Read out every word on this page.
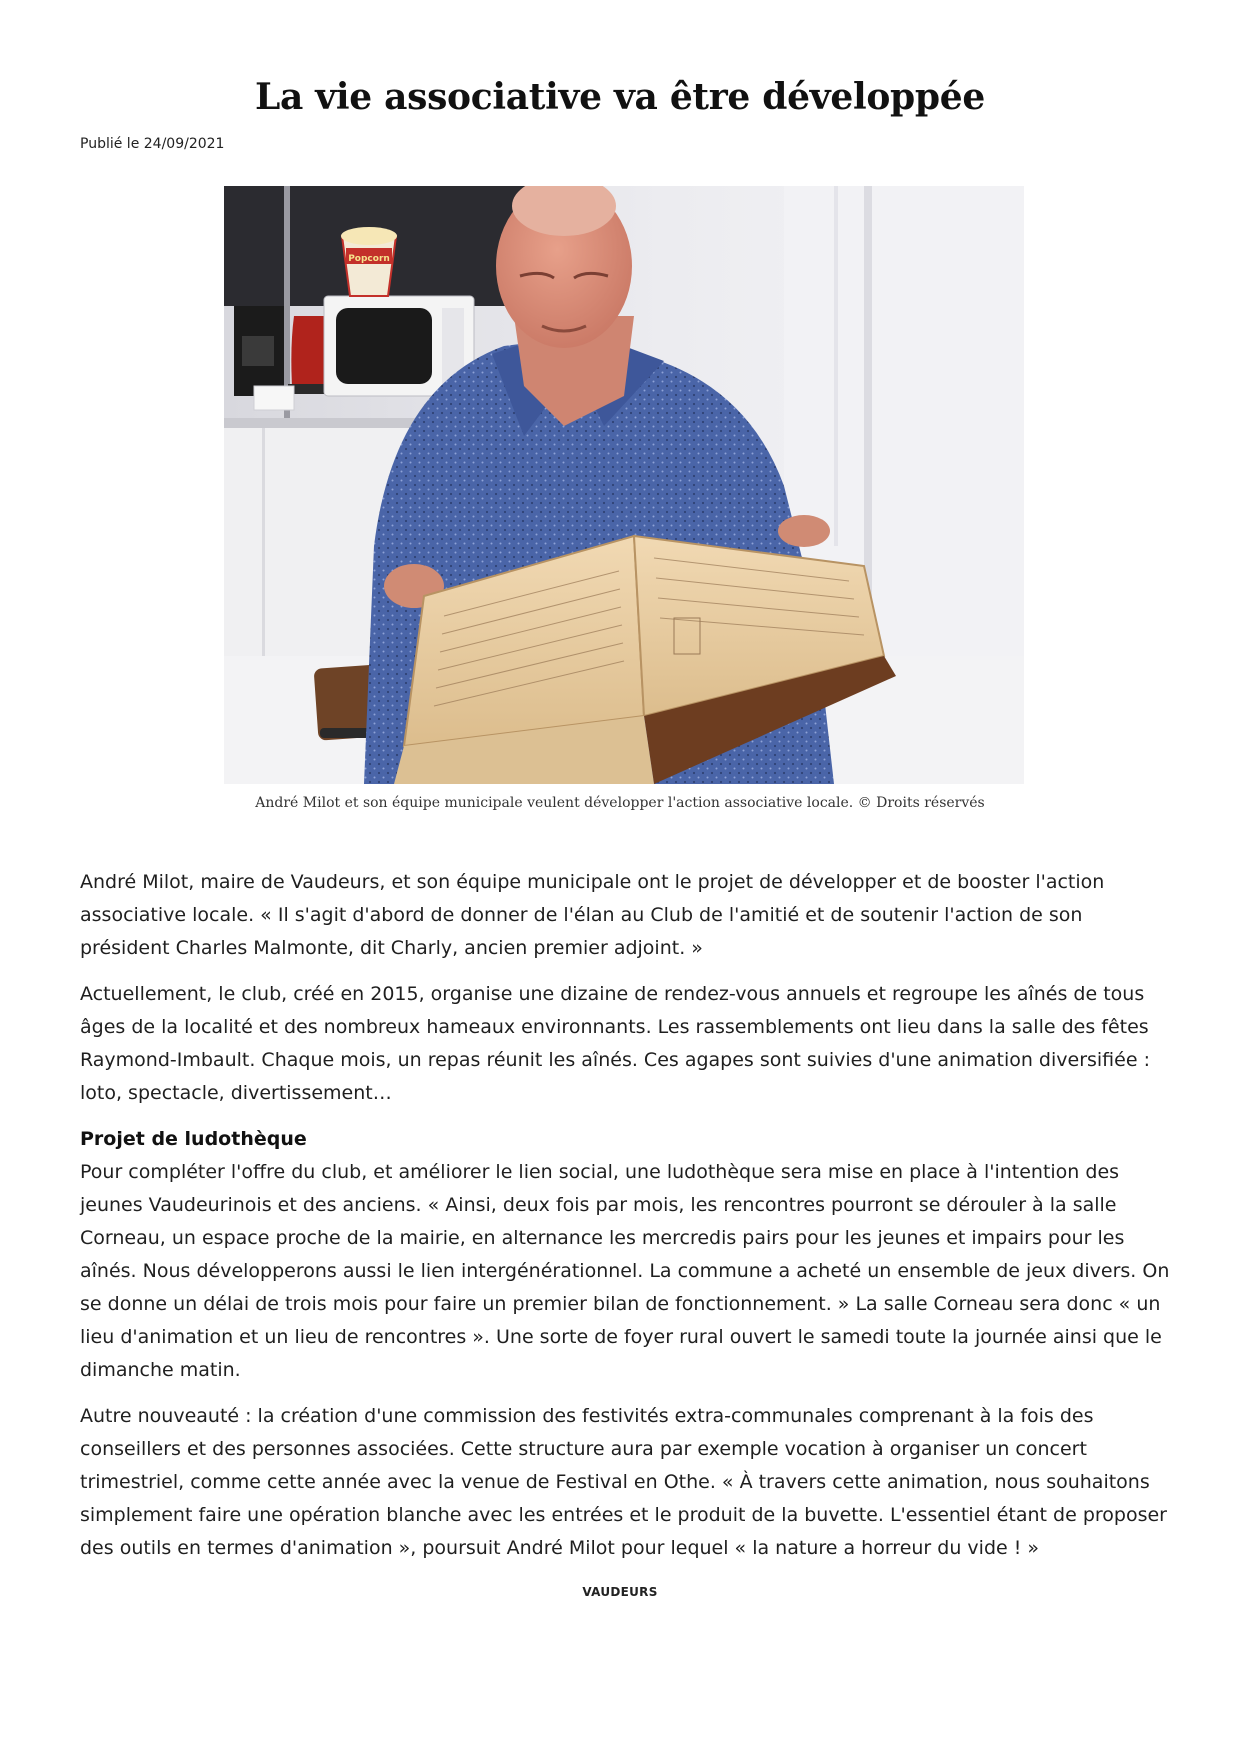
La vie associative va être développée
Publié le 24/09/2021
Popcorn
André Milot et son équipe municipale veulent développer l'action associative locale. © Droits réservés

André Milot, maire de Vaudeurs, et son équipe municipale ont le projet de développer et de booster l'action associative locale. « Il s'agit d'abord de donner de l'élan au Club de l'amitié et de soutenir l'action de son président Charles Malmonte, dit Charly, ancien premier adjoint. »

Actuellement, le club, créé en 2015, organise une dizaine de rendez-vous annuels et regroupe les aînés de tous âges de la localité et des nombreux hameaux environnants. Les rassemblements ont lieu dans la salle des fêtes Raymond-Imbault. Chaque mois, un repas réunit les aînés. Ces agapes sont suivies d'une animation diversifiée : loto, spectacle, divertissement…

Projet de ludothèque

Pour compléter l'offre du club, et améliorer le lien social, une ludothèque sera mise en place à l'intention des jeunes Vaudeurinois et des anciens. « Ainsi, deux fois par mois, les rencontres pourront se dérouler à la salle Corneau, un espace proche de la mairie, en alternance les mercredis pairs pour les jeunes et impairs pour les aînés. Nous développerons aussi le lien intergénérationnel. La commune a acheté un ensemble de jeux divers. On se donne un délai de trois mois pour faire un premier bilan de fonctionnement. » La salle Corneau sera donc « un lieu d'animation et un lieu de rencontres ». Une sorte de foyer rural ouvert le samedi toute la journée ainsi que le dimanche matin.

Autre nouveauté : la création d'une commission des festivités extra-communales comprenant à la fois des conseillers et des personnes associées. Cette structure aura par exemple vocation à organiser un concert trimestriel, comme cette année avec la venue de Festival en Othe. « À travers cette animation, nous souhaitons simplement faire une opération blanche avec les entrées et le produit de la buvette. L'essentiel étant de proposer des outils en termes d'animation », poursuit André Milot pour lequel « la nature a horreur du vide ! »

VAUDEURS
